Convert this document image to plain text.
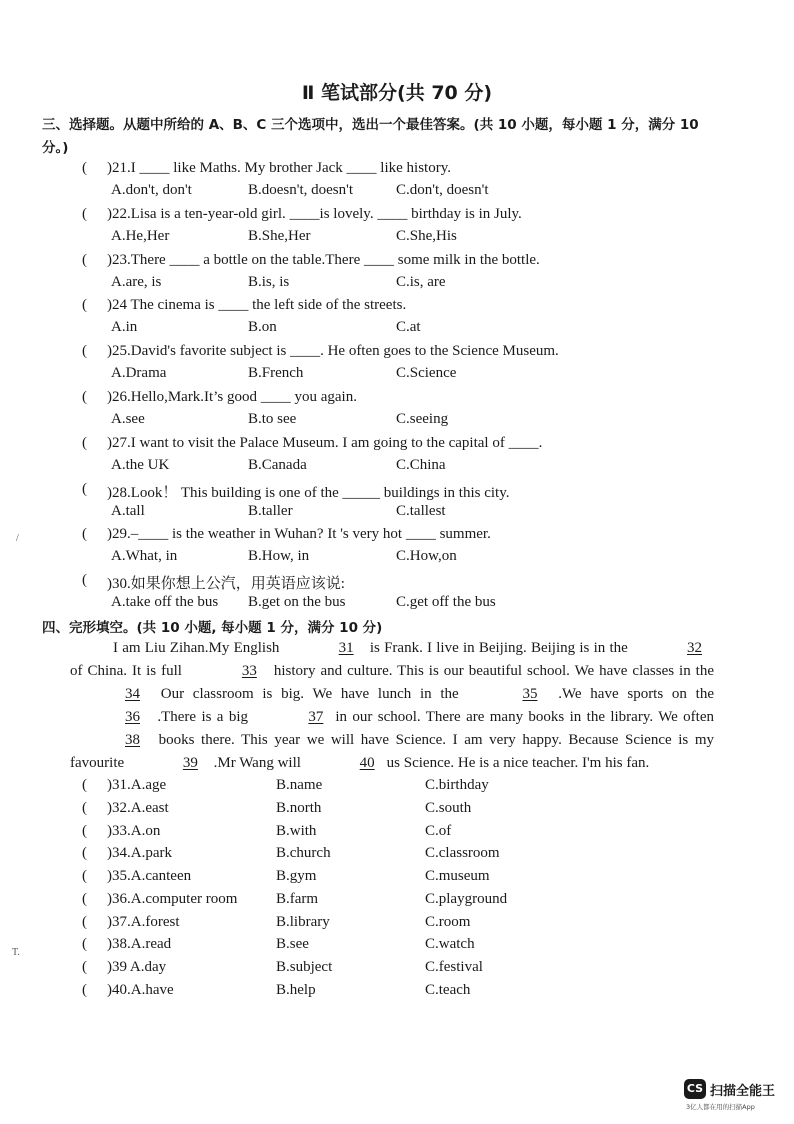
Ⅱ 笔试部分(共 70 分)
三、选择题。从题中所给的 A、B、C 三个选项中，选出一个最佳答案。(共 10 小题，每小题 1 分，满分 10 分。)
( )21.I ____ like Maths. My brother Jack ____ like history.
A.don't, don't	B.doesn't, doesn't	C.don't, doesn't
( )22.Lisa is a ten-year-old girl. ____is lovely. ____ birthday is in July.
A.He,Her	B.She,Her	C.She,His
( )23.There ____ a bottle on the table.There ____ some milk in the bottle.
A.are, is	B.is, is	C.is, are
( )24 The cinema is ____ the left side of the streets.
A.in	B.on	C.at
( )25.David's favorite subject is ____. He often goes to the Science Museum.
A.Drama	B.French	C.Science
( )26.Hello,Mark.It’s good ____ you again.
A.see	B.to see	C.seeing
( )27.I want to visit the Palace Museum. I am going to the capital of ____.
A.the UK	B.Canada	C.China
( )28.Look！ This building is one of the _____ buildings in this city.
A.tall	B.taller	C.tallest
( )29.–____ is the weather in Wuhan? It 's very hot ____ summer.
A.What, in	B.How, in	C.How,on
( )30.如果你想上公汽，用英语应该说:
A.take off the bus B.get on the bus	C.get off the bus
四、完形填空。(共 10 小题, 每小题 1 分，满分 10 分)
I am Liu Zihan.My English	31 is Frank. I live in Beijing. Beijing is in the	32of China. It is full	33 history and culture. This is our beautiful school. We have classes in the 34 Our classroom is big. We have lunch in the	35 .We have sports on the 36 .There is a big	37 in our school. There are many books in the library. We often 38 books there. This year we will have Science. I am very happy. Because Science is my favourite	39 .Mr Wang will	40 us Science. He is a nice teacher. I'm his fan.
( )31.A.age	B.name	C.birthday
( )32.A.east	B.north	C.south
( )33.A.on	B.with	C.of
( )34.A.park	B.church	C.classroom
( )35.A.canteen	B.gym	C.museum
( )36.A.computer room	B.farm	C.playground
( )37.A.forest	B.library	C.room
( )38.A.read	B.see	C.watch
( )39 A.day	B.subject	C.festival
( )40.A.have	B.help	C.teach
/
T.
CS 扫描全能王
3亿人都在用的扫描App
